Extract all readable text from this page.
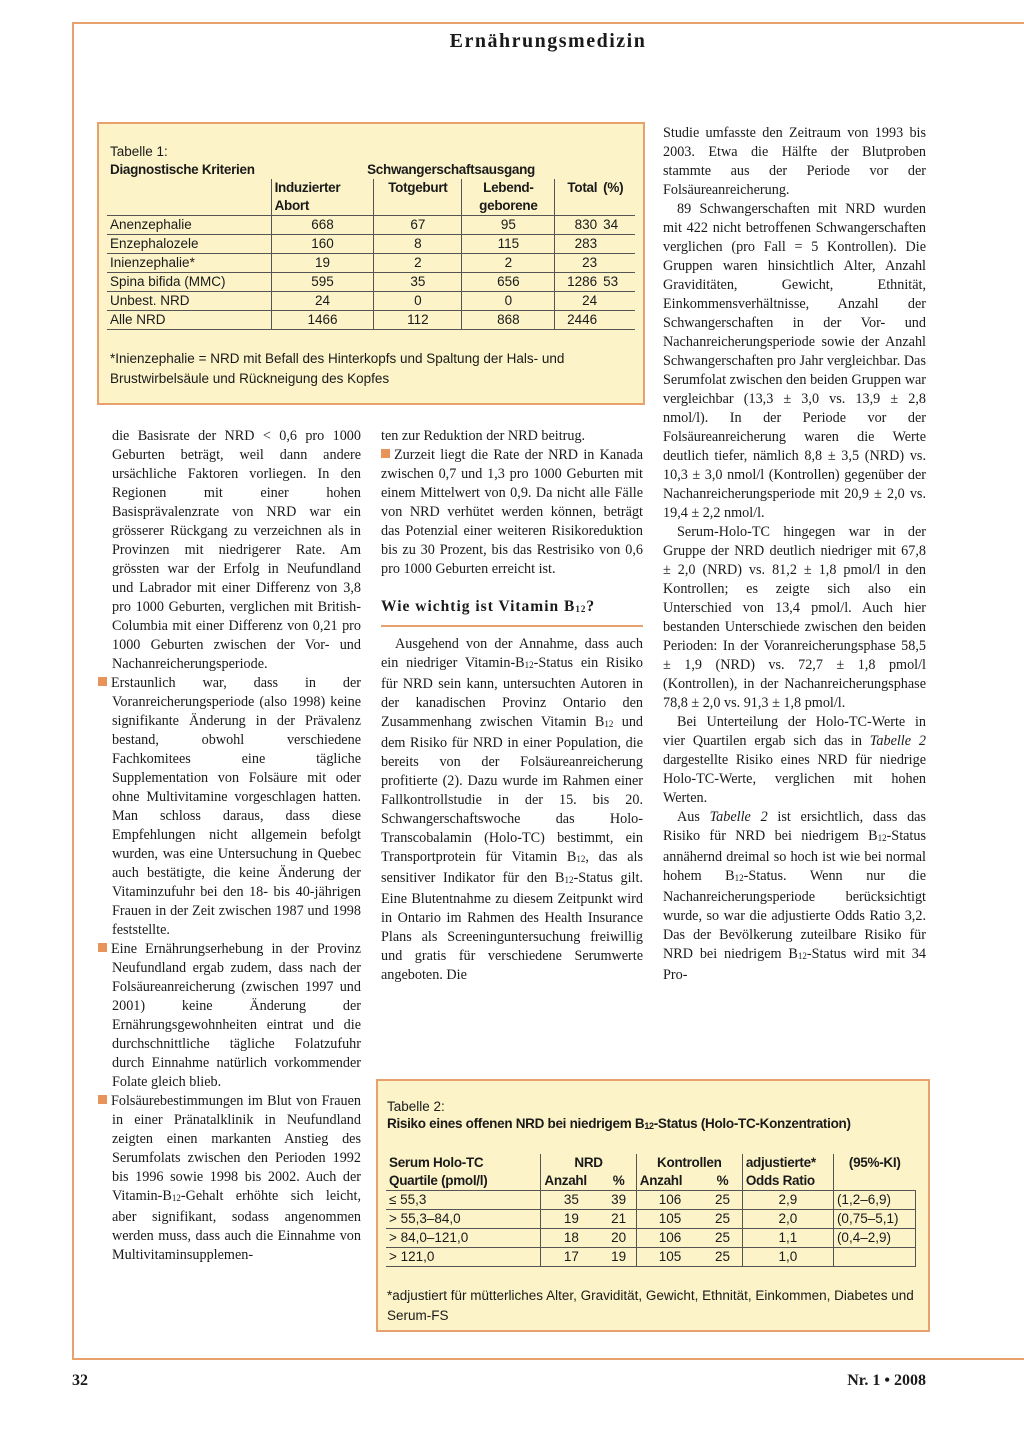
Ernährungsmedizin
Tabelle 1:
Diagnostische Kriterien	Schwangerschaftsausgang				
	Induzierter	Totgeburt	Lebend-	Total	(%)
	Abort		geborene		
Anenzephalie	668	67	95	830	34
Enzephalozele	160	8	115	283	
Inienzephalie*	19	2	2	23	
Spina bifida (MMC)	595	35	656	1286	53
Unbest. NRD	24	0	0	24	
Alle NRD	1466	112	868	2446	
*Inienzephalie = NRD mit Befall des Hinterkopfs und Spaltung der Hals- und Brustwirbelsäule und Rückneigung des Kopfes

die Basisrate der NRD < 0,6 pro 1000 Geburten beträgt, weil dann andere ursächliche Faktoren vorliegen. In den Regionen mit einer hohen Basisprävalenzrate von NRD war ein grösserer Rückgang zu verzeichnen als in Provinzen mit niedrigerer Rate. Am grössten war der Erfolg in Neufundland und Labrador mit einer Differenz von 3,8 pro 1000 Geburten, verglichen mit British-Columbia mit einer Differenz von 0,21 pro 1000 Geburten zwischen der Vor- und Nachanreicherungsperiode.

Erstaunlich war, dass in der Voranreicherungsperiode (also 1998) keine signifikante Änderung in der Prävalenz bestand, obwohl verschiedene Fachkomitees eine tägliche Supplementation von Folsäure mit oder ohne Multivitamine vorgeschlagen hatten. Man schloss daraus, dass diese Empfehlungen nicht allgemein befolgt wurden, was eine Untersuchung in Quebec auch bestätigte, die keine Änderung der Vitaminzufuhr bei den 18- bis 40-jährigen Frauen in der Zeit zwischen 1987 und 1998 feststellte.

Eine Ernährungserhebung in der Provinz Neufundland ergab zudem, dass nach der Folsäureanreicherung (zwischen 1997 und 2001) keine Änderung der Ernährungsgewohnheiten eintrat und die durchschnittliche tägliche Folatzufuhr durch Einnahme natürlich vorkommender Folate gleich blieb.

Folsäurebestimmungen im Blut von Frauen in einer Pränatalklinik in Neufundland zeigten einen markanten Anstieg des Serumfolats zwischen den Perioden 1992 bis 1996 sowie 1998 bis 2002. Auch der Vitamin-$B_{12}$-Gehalt erhöhte sich leicht, aber signifikant, sodass angenommen werden muss, dass auch die Einnahme von Multivitaminsupplemen-

ten zur Reduktion der NRD beitrug.

Zurzeit liegt die Rate der NRD in Kanada zwischen 0,7 und 1,3 pro 1000 Geburten mit einem Mittelwert von 0,9. Da nicht alle Fälle von NRD verhütet werden können, beträgt das Potenzial einer weiteren Risikoreduktion bis zu 30 Prozent, bis das Restrisiko von 0,6 pro 1000 Geburten erreicht ist.

Wie wichtig ist Vitamin $B_{12}$?

Ausgehend von der Annahme, dass auch ein niedriger Vitamin-$B_{12}$-Status ein Risiko für NRD sein kann, untersuchten Autoren in der kanadischen Provinz Ontario den Zusammenhang zwischen Vitamin $B_{12}$ und dem Risiko für NRD in einer Population, die bereits von der Folsäureanreicherung profitierte (2). Dazu wurde im Rahmen einer Fallkontrollstudie in der 15. bis 20. Schwangerschaftswoche das Holo-Transcobalamin (Holo-TC) bestimmt, ein Transportprotein für Vitamin $B_{12}$, das als sensitiver Indikator für den $B_{12}$-Status gilt. Eine Blutentnahme zu diesem Zeitpunkt wird in Ontario im Rahmen des Health Insurance Plans als Screeninguntersuchung freiwillig und gratis für verschiedene Serumwerte angeboten. Die

Studie umfasste den Zeitraum von 1993 bis 2003. Etwa die Hälfte der Blutproben stammte aus der Periode vor der Folsäureanreicherung.

89 Schwangerschaften mit NRD wurden mit 422 nicht betroffenen Schwangerschaften verglichen (pro Fall = 5 Kontrollen). Die Gruppen waren hinsichtlich Alter, Anzahl Graviditäten, Gewicht, Ethnität, Einkommensverhältnisse, Anzahl der Schwangerschaften in der Vor- und Nachanreicherungsperiode sowie der Anzahl Schwangerschaften pro Jahr vergleichbar. Das Serumfolat zwischen den beiden Gruppen war vergleichbar (13,3 ± 3,0 vs. 13,9 ± 2,8 nmol/l). In der Periode vor der Folsäureanreicherung waren die Werte deutlich tiefer, nämlich 8,8 ± 3,5 (NRD) vs. 10,3 ± 3,0 nmol/l (Kontrollen) gegenüber der Nachanreicherungsperiode mit 20,9 ± 2,0 vs. 19,4 ± 2,2 nmol/l.

Serum-Holo-TC hingegen war in der Gruppe der NRD deutlich niedriger mit 67,8 ± 2,0 (NRD) vs. 81,2 ± 1,8 pmol/l in den Kontrollen; es zeigte sich also ein Unterschied von 13,4 pmol/l. Auch hier bestanden Unterschiede zwischen den beiden Perioden: In der Voranreicherungsphase 58,5 ± 1,9 (NRD) vs. 72,7 ± 1,8 pmol/l (Kontrollen), in der Nachanreicherungsphase 78,8 ± 2,0 vs. 91,3 ± 1,8 pmol/l.

Bei Unterteilung der Holo-TC-Werte in vier Quartilen ergab sich das in Tabelle 2 dargestellte Risiko eines NRD für niedrige Holo-TC-Werte, verglichen mit hohen Werten.

Aus Tabelle 2 ist ersichtlich, dass das Risiko für NRD bei niedrigem $B_{12}$-Status annähernd dreimal so hoch ist wie bei normal hohem $B_{12}$-Status. Wenn nur die Nachanreicherungsperiode berücksichtigt wurde, so war die adjustierte Odds Ratio 3,2. Das der Bevölkerung zuteilbare Risiko für NRD bei niedrigem $B_{12}$-Status wird mit 34 Pro-

Tabelle 2:
Risiko eines offenen NRD bei niedrigem $B_{12}$-Status (Holo-TC-Konzentration)
Serum Holo-TC	NRD		Kontrollen		adjustierte*	(95%-KI)
Quartile (pmol/l)	Anzahl	%	Anzahl	%	Odds Ratio	
≤ 55,3	35	39	106	25	2,9	(1,2–6,9)
> 55,3–84,0	19	21	105	25	2,0	(0,75–5,1)
> 84,0–121,0	18	20	106	25	1,1	(0,4–2,9)
> 121,0	17	19	105	25	1,0	
*adjustiert für mütterliches Alter, Gravidität, Gewicht, Ethnität, Einkommen, Diabetes und Serum-FS
32	Nr. 1 • 2008
